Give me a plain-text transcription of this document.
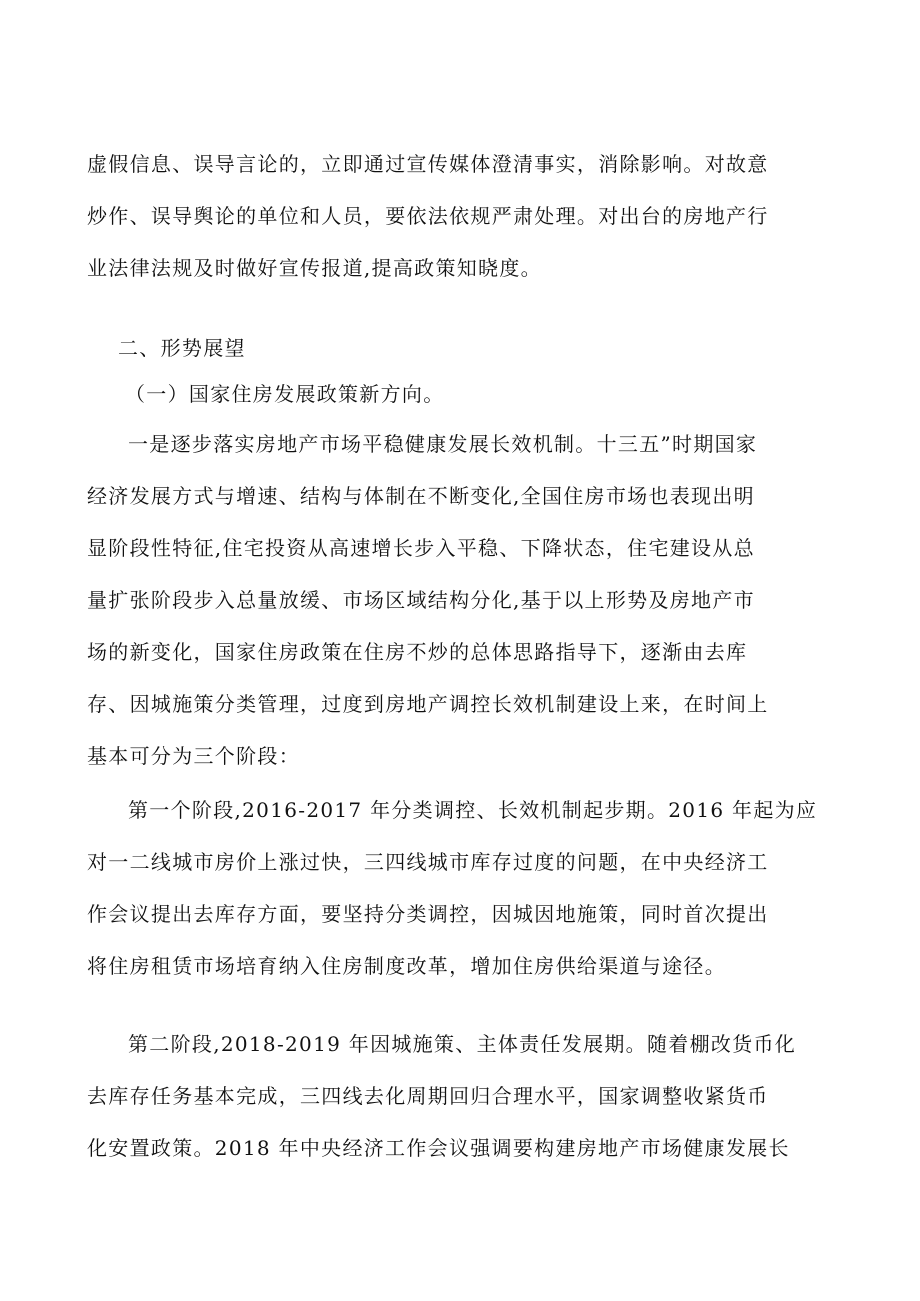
虚假信息、误导言论的，立即通过宣传媒体澄清事实，消除影响。对故意
炒作、误导舆论的单位和人员，要依法依规严肃处理。对出台的房地产行
业法律法规及时做好宣传报道,提高政策知晓度。
二、形势展望
（一）国家住房发展政策新方向。
一是逐步落实房地产市场平稳健康发展长效机制。十三五”时期国家
经济发展方式与增速、结构与体制在不断变化,全国住房市场也表现出明
显阶段性特征,住宅投资从高速增长步入平稳、下降状态，住宅建设从总
量扩张阶段步入总量放缓、市场区域结构分化,基于以上形势及房地产市
场的新变化，国家住房政策在住房不炒的总体思路指导下，逐渐由去库
存、因城施策分类管理，过度到房地产调控长效机制建设上来，在时间上
基本可分为三个阶段：
第一个阶段,2016-2017 年分类调控、长效机制起步期。2016 年起为应
对一二线城市房价上涨过快，三四线城市库存过度的问题，在中央经济工
作会议提出去库存方面，要坚持分类调控，因城因地施策，同时首次提出
将住房租赁市场培育纳入住房制度改革，增加住房供给渠道与途径。
第二阶段,2018-2019 年因城施策、主体责任发展期。随着棚改货币化
去库存任务基本完成，三四线去化周期回归合理水平，国家调整收紧货币
化安置政策。2018 年中央经济工作会议强调要构建房地产市场健康发展长
